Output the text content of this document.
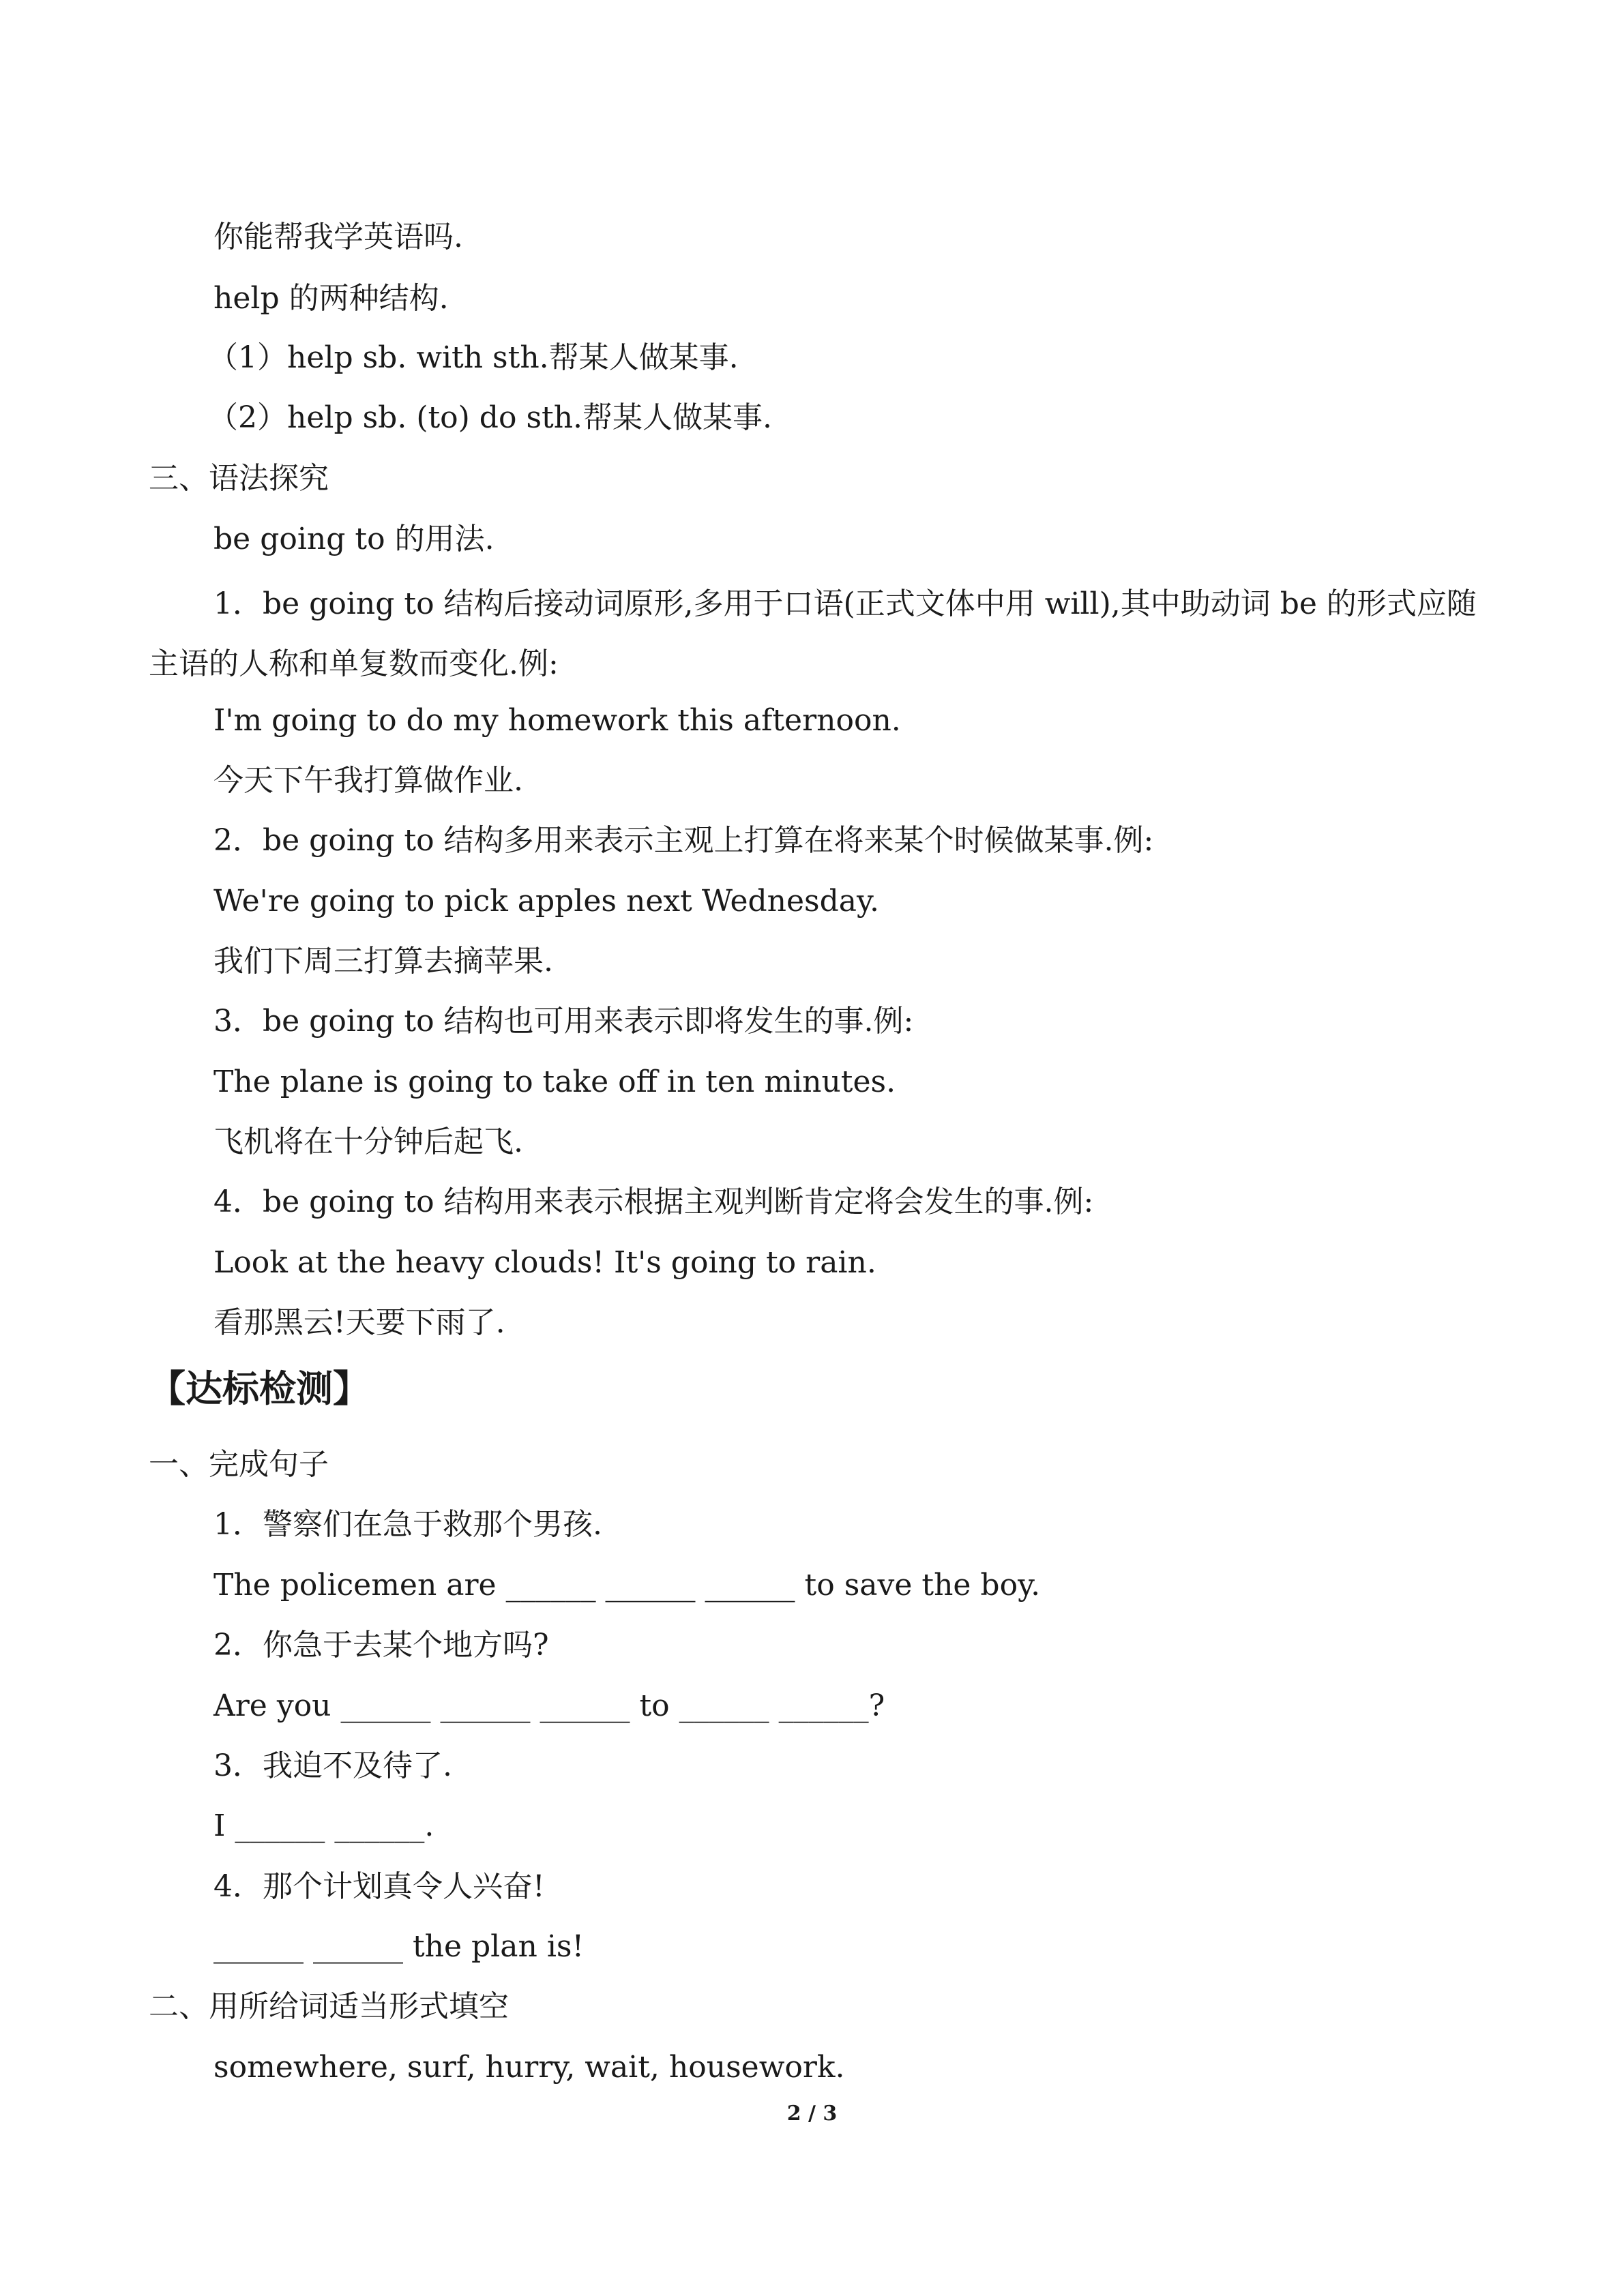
你能帮我学英语吗.
help 的两种结构.
（1）help sb. with sth.帮某人做某事.
（2）help sb. (to) do sth.帮某人做某事.
三、语法探究
be going to 的用法.
1．be going to 结构后接动词原形,多用于口语(正式文体中用 will),其中助动词 be 的形式应随主语的人称和单复数而变化.例:
I'm going to do my homework this afternoon.
今天下午我打算做作业.
2．be going to 结构多用来表示主观上打算在将来某个时候做某事.例:
We're going to pick apples next Wednesday.
我们下周三打算去摘苹果.
3．be going to 结构也可用来表示即将发生的事.例:
The plane is going to take off in ten minutes.
飞机将在十分钟后起飞.
4．be going to 结构用来表示根据主观判断肯定将会发生的事.例:
Look at the heavy clouds! It's going to rain.
看那黑云!天要下雨了.
【达标检测】
一、完成句子
1．警察们在急于救那个男孩.
The policemen are ______ ______ ______ to save the boy.
2．你急于去某个地方吗?
Are you ______ ______ ______ to ______ ______?
3．我迫不及待了.
I ______ ______.
4．那个计划真令人兴奋!
______ ______ the plan is!
二、用所给词适当形式填空
somewhere, surf, hurry, wait, housework.
2 / 3
